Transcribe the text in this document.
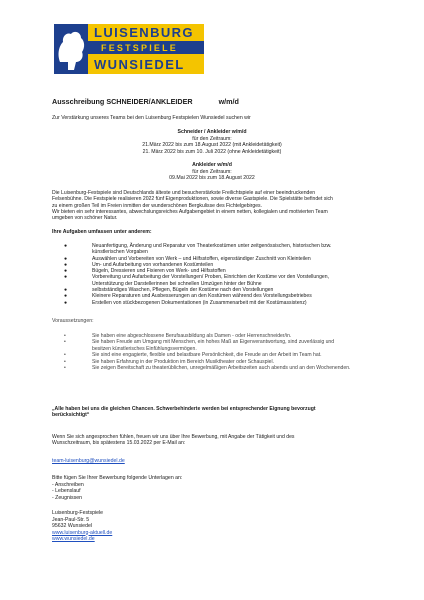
LUISENBURG
FESTSPIELE
WUNSIEDEL
Ausschreibung SCHNEIDER/ANKLEIDER	w/m/d
Zur Verstärkung unseres Teams bei den Luisenburg Festspielen Wunsiedel suchen wir
Schneider / Ankleider w/m/d
für den Zeitraum:
21.März 2022 bis zum 18.August 2022 (mit Ankleidetätigkeit)
21. März 2022 bis zum 10. Juli 2022 (ohne Ankleidetätigkeit)
Ankleider w/m/d
für den Zeitraum:
09.Mai 2022 bis zum 18.August 2022
Die Luisenburg-Festspiele sind Deutschlands älteste und besucherstärkste Freilichtspiele auf einer beeindruckenden
Felsenbühne. Die Festspiele realisieren 2022 fünf Eigenproduktionen, sowie diverse Gastspiele. Die Spielstätte befindet sich
zu einem großen Teil im Freien inmitten der wunderschönen Bergkulisse des Fichtelgebirges.
Wir bieten ein sehr interessantes, abwechslungsreiches Aufgabengebiet in einem netten, kollegialen und motivierten Team
umgeben von schöner Natur.
Ihre Aufgaben umfassen unter anderem:
●	Neuanfertigung, Änderung und Reparatur von Theaterkostümen unter zeitgenössischen, historischen bzw.
künstlerischen Vorgaben
●	Auswählen und Vorbereiten von Werk – und Hilfsstoffen, eigenständiger Zuschnitt von Kleinteilen
●	Um- und Aufarbeitung von vorhandenen Kostümteilen
●	Bügeln, Dressieren und Fixieren von Werk- und Hilfsstoffen
●	Vorbereitung und Aufarbeitung der Vorstellungen/ Proben, Einrichten der Kostüme vor den Vorstellungen,
Unterstützung der Darstellerinnen bei schnellen Umzügen hinter der Bühne
●	selbstständiges Waschen, Pflegen, Bügeln der Kostüme nach den Vorstellungen
●	Kleinere Reparaturen und Ausbesserungen an den Kostümen während des Vorstellungsbetriebes
●	Erstellen von stückbezogenen Dokumentationen (in Zusammenarbeit mit der Kostümassistenz)
Voraussetzungen:
•	Sie haben eine abgeschlossene Berufsausbildung als Damen - oder Herrenschneider/in.
•	Sie haben Freude am Umgang mit Menschen, ein hohes Maß an Eigenverantwortung, sind zuverlässig und
besitzen künstlerisches Einfühlungsvermögen.
•	Sie sind eine engagierte, flexible und belastbare Persönlichkeit, die Freude an der Arbeit im Team hat.
•	Sie haben Erfahrung in der Produktion im Bereich Musiktheater oder Schauspiel.
•	Sie zeigen Bereitschaft zu theaterüblichen, unregelmäßigen Arbeitszeiten auch abends und an den Wochenenden.
„Alle haben bei uns die gleichen Chancen. Schwerbehinderte werden bei entsprechender Eignung bevorzugt
berücksichtigt“
Wenn Sie sich angesprochen fühlen, freuen wir uns über Ihre Bewerbung, mit Angabe der Tätigkeit und des
Wunschzeitraum, bis spätestens 15.03.2022 per E-Mail an:
team-luisenburg@wunsiedel.de
Bitte fügen Sie Ihrer Bewerbung folgende Unterlagen an:
- Anschreiben
- Lebenslauf
- Zeugnissen
Luisenburg-Festspiele
Jean-Paul-Str. 5
95632 Wunsiedel
www.luisenburg-aktuell.de
www.wunsiedel.de
